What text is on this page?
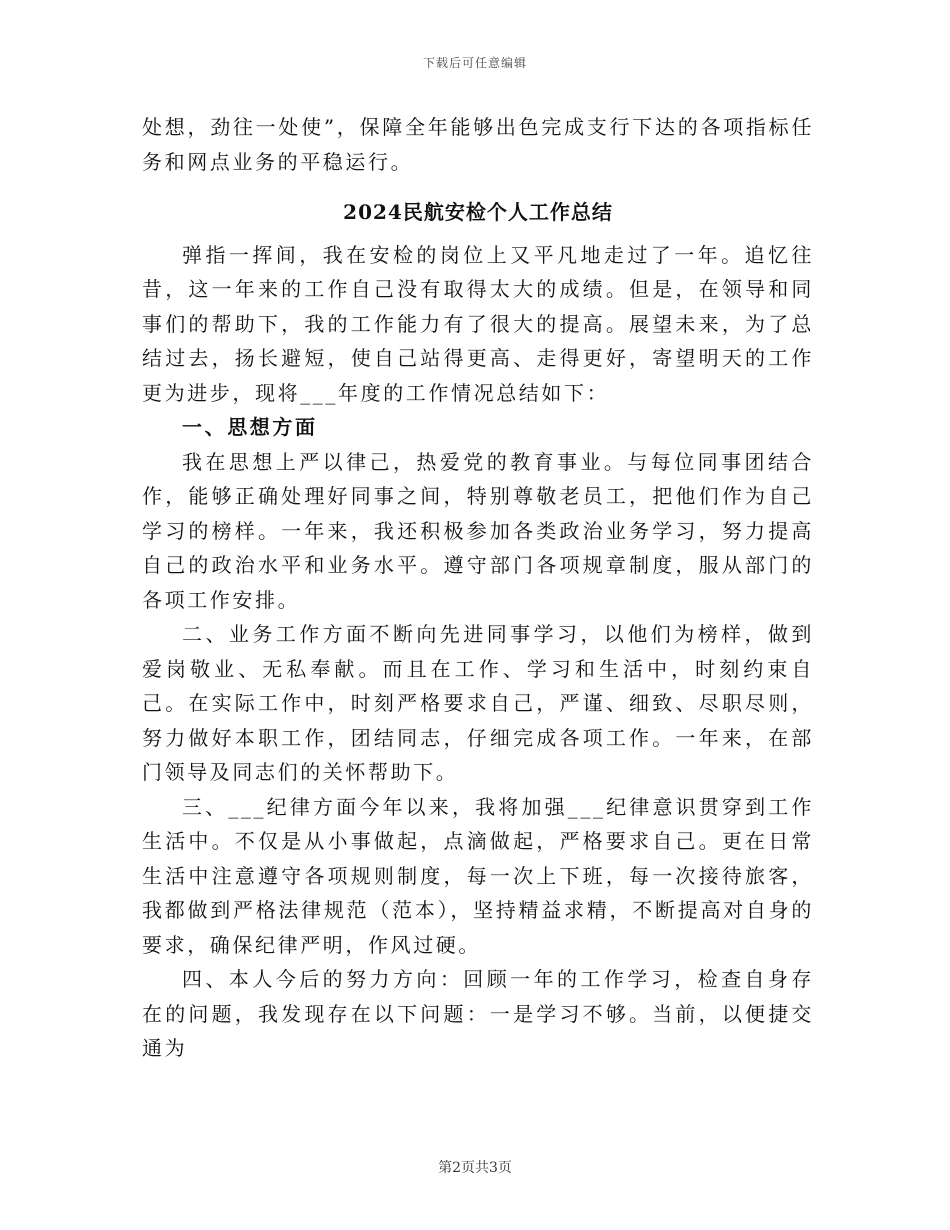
下载后可任意编辑

处想，劲往一处使”，保障全年能够出色完成支行下达的各项指标任务和网点业务的平稳运行。

2024民航安检个人工作总结

弹指一挥间，我在安检的岗位上又平凡地走过了一年。追忆往昔，这一年来的工作自己没有取得太大的成绩。但是，在领导和同事们的帮助下，我的工作能力有了很大的提高。展望未来，为了总结过去，扬长避短，使自己站得更高、走得更好，寄望明天的工作更为进步，现将___年度的工作情况总结如下：

一、思想方面

我在思想上严以律己，热爱党的教育事业。与每位同事团结合作，能够正确处理好同事之间，特别尊敬老员工，把他们作为自己学习的榜样。一年来，我还积极参加各类政治业务学习，努力提高自己的政治水平和业务水平。遵守部门各项规章制度，服从部门的各项工作安排。

二、业务工作方面不断向先进同事学习，以他们为榜样，做到爱岗敬业、无私奉献。而且在工作、学习和生活中，时刻约束自己。在实际工作中，时刻严格要求自己，严谨、细致、尽职尽则，努力做好本职工作，团结同志，仔细完成各项工作。一年来，在部门领导及同志们的关怀帮助下。

三、___纪律方面今年以来，我将加强___纪律意识贯穿到工作生活中。不仅是从小事做起，点滴做起，严格要求自己。更在日常生活中注意遵守各项规则制度，每一次上下班，每一次接待旅客，我都做到严格法律规范（范本），坚持精益求精，不断提高对自身的要求，确保纪律严明，作风过硬。

四、本人今后的努力方向：回顾一年的工作学习，检查自身存在的问题，我发现存在以下问题：一是学习不够。当前，以便捷交通为

第2页共3页
